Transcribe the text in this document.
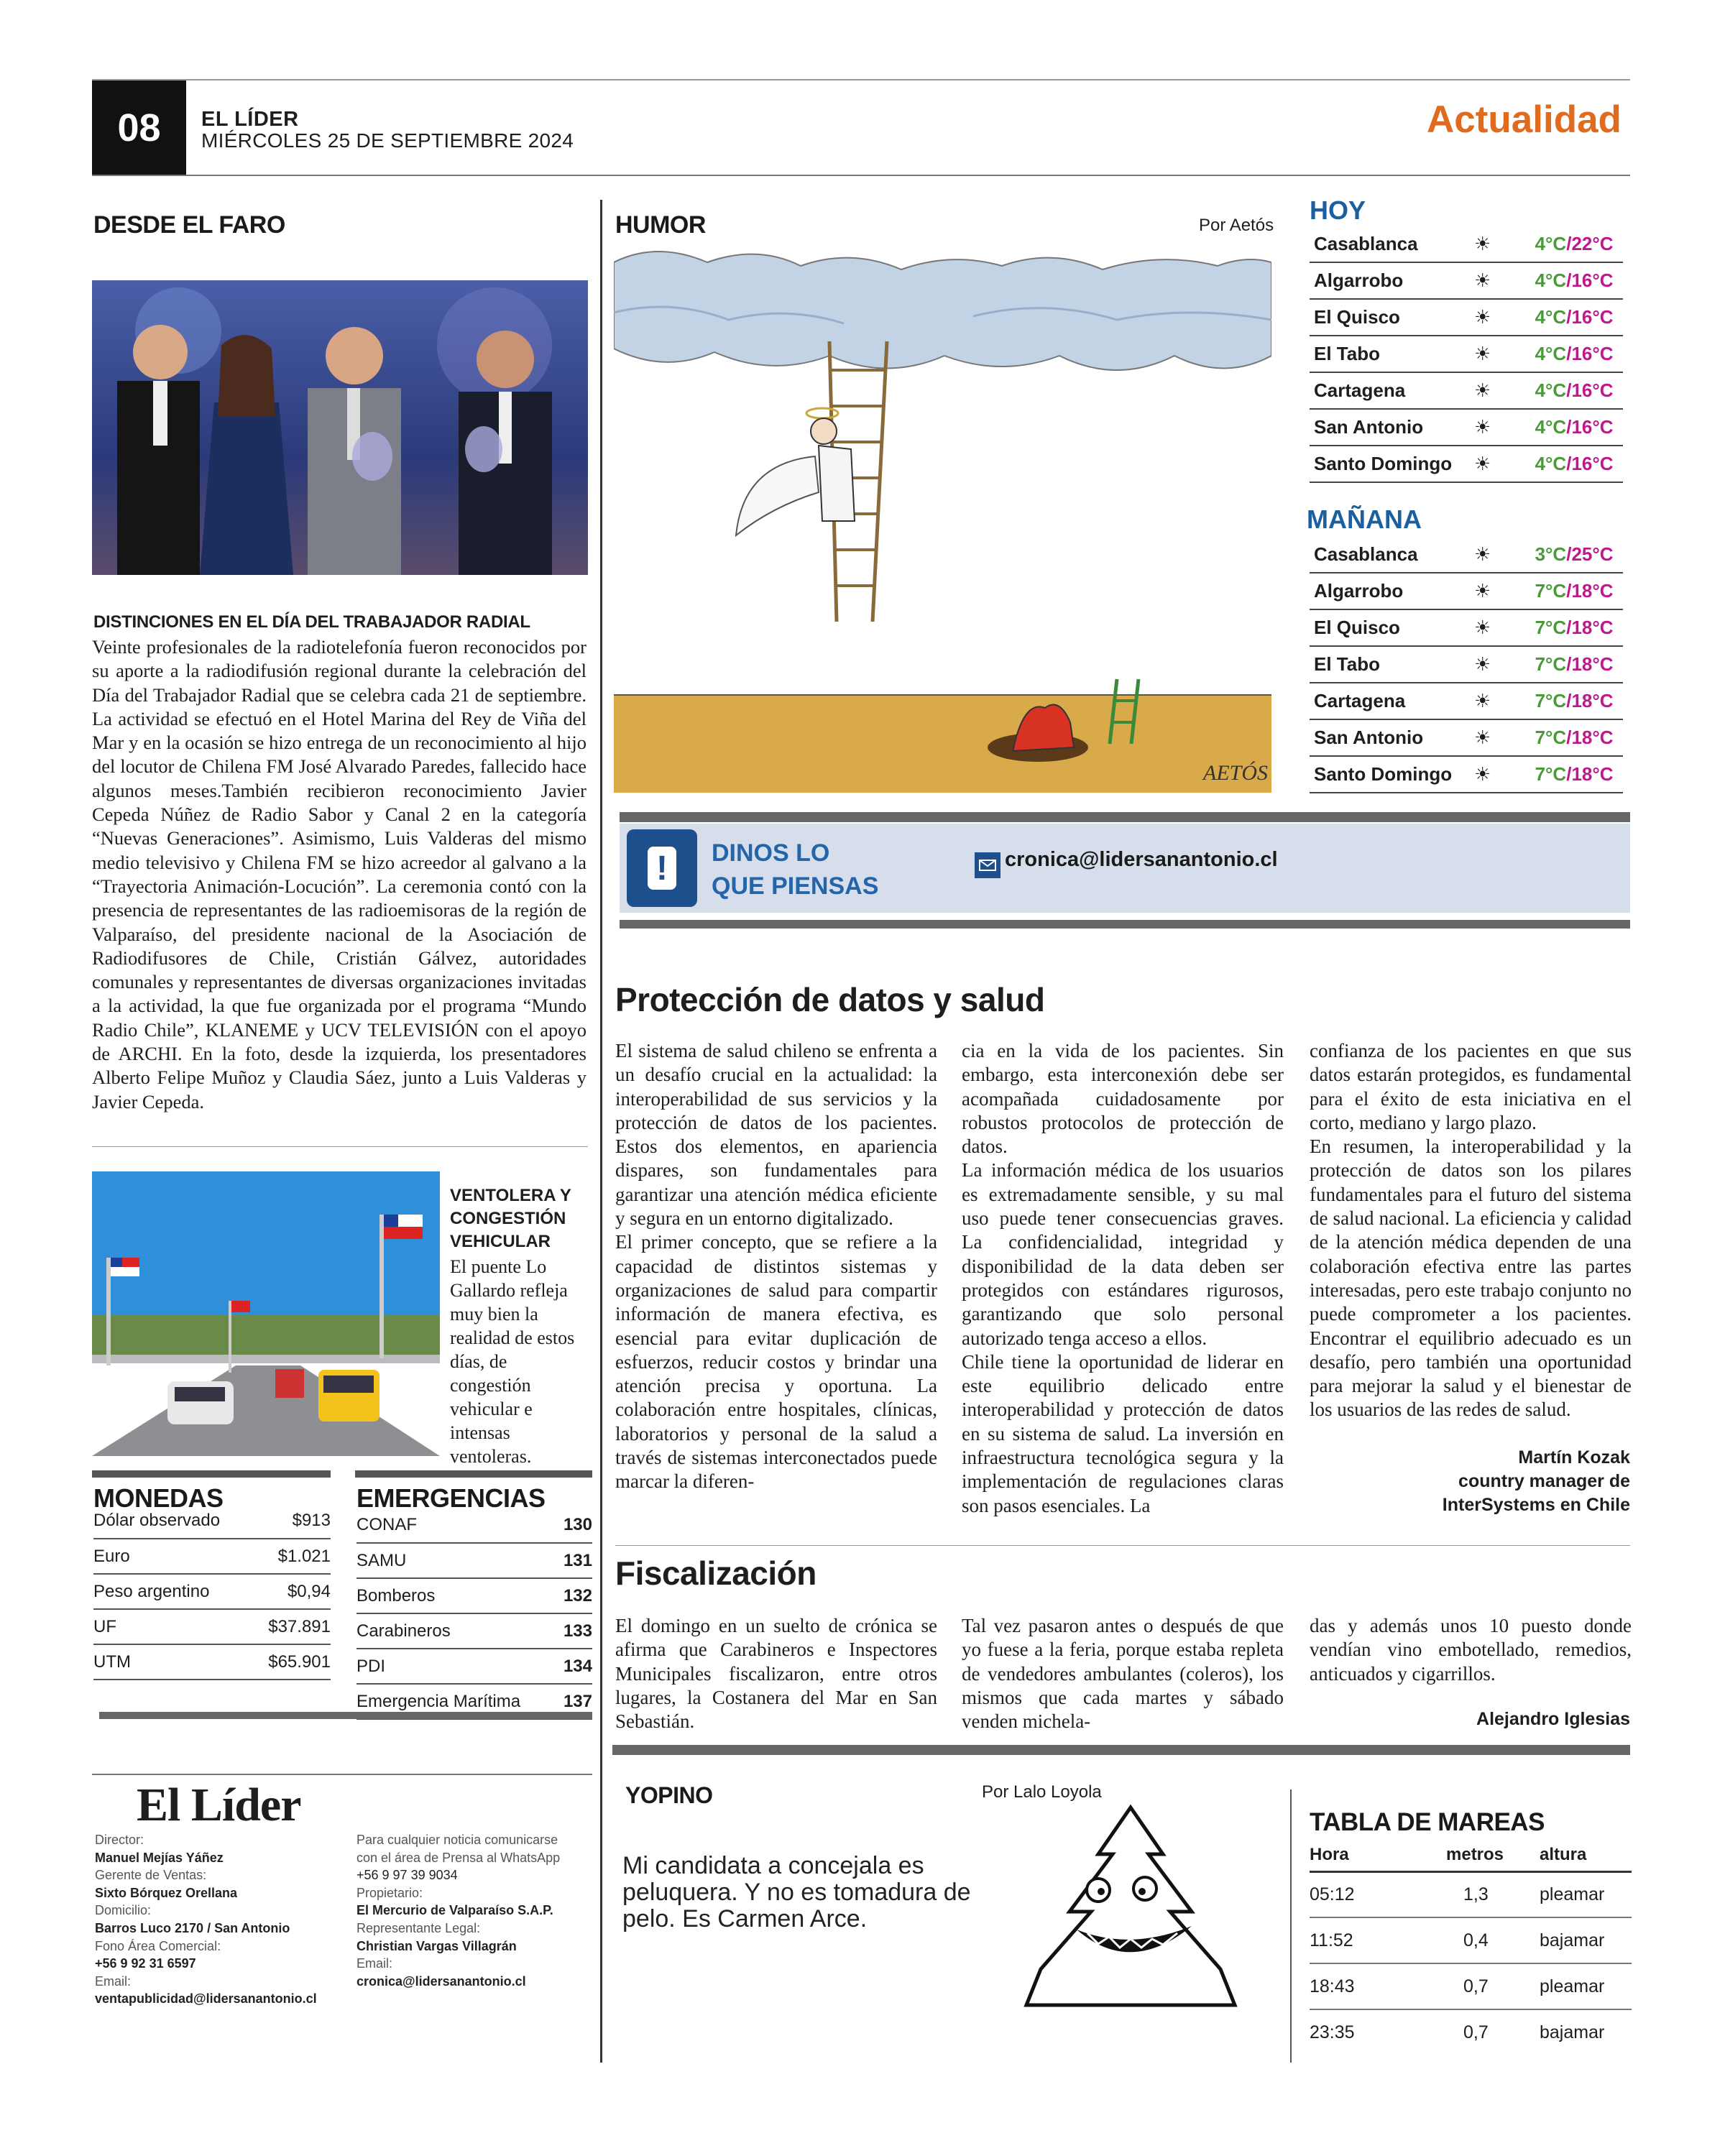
08 EL LÍDER
MIÉRCOLES 25 DE SEPTIEMBRE 2024	Actualidad
DESDE EL FARO
DISTINCIONES EN EL DÍA DEL TRABAJADOR RADIAL
Veinte profesionales de la radiotelefonía fueron reconocidos por su aporte a la radiodifusión regional durante la celebración del Día del Trabajador Radial que se celebra cada 21 de septiembre. La actividad se efectuó en el Hotel Marina del Rey de Viña del Mar y en la ocasión se hizo entrega de un reconocimiento al hijo del locutor de Chilena FM José Alvarado Paredes, fallecido hace algunos meses.También recibieron reconocimiento Javier Cepeda Núñez de Radio Sabor y Canal 2 en la categoría “Nuevas Generaciones”. Asimismo, Luis Valderas del mismo medio televisivo y Chilena FM se hizo acreedor al galvano a la “Trayectoria Animación-Locución”. La ceremonia contó con la presencia de representantes de las radioemisoras de la región de Valparaíso, del presidente nacional de la Asociación de Radiodifusores de Chile, Cristián Gálvez, autoridades comunales y representantes de diversas organizaciones invitadas a la actividad, la que fue organizada por el programa “Mundo Radio Chile”, KLANEME y UCV TELEVISIÓN con el apoyo de ARCHI. En la foto, desde la izquierda, los presentadores Alberto Felipe Muñoz y Claudia Sáez, junto a Luis Valderas y Javier Cepeda.
VENTOLERA Y CONGESTIÓN VEHICULAR
El puente Lo Gallardo refleja muy bien la realidad de estos días, de congestión vehicular e intensas ventoleras.
MONEDAS
Dólar observado	$913
Euro	$1.021
Peso argentino	$0,94
UF	$37.891
UTM	$65.901
EMERGENCIAS
CONAF	130
SAMU	131
Bomberos	132
Carabineros	133
PDI	134
Emergencia Marítima	137
El Líder
Director:
Manuel Mejías Yáñez
Gerente de Ventas:
Sixto Bórquez Orellana
Domicilio:
Barros Luco 2170 / San Antonio
Fono Área Comercial:
+56 9 92 31 6597
Email:
ventapublicidad@lidersanantonio.cl
Para cualquier noticia comunicarse
con el área de Prensa al WhatsApp
+56 9 97 39 9034
Propietario:
El Mercurio de Valparaíso S.A.P.
Representante Legal:
Christian Vargas Villagrán
Email:
cronica@lidersanantonio.cl
HUMOR	Por Aetós
AETÓS
HOY
Casablanca	☀	4°C/22°C
Algarrobo	☀	4°C/16°C
El Quisco	☀	4°C/16°C
El Tabo	☀	4°C/16°C
Cartagena	☀	4°C/16°C
San Antonio	☀	4°C/16°C
Santo Domingo	☀	4°C/16°C
MAÑANA
Casablanca	☀	3°C/25°C
Algarrobo	☀	7°C/18°C
El Quisco	☀	7°C/18°C
El Tabo	☀	7°C/18°C
Cartagena	☀	7°C/18°C
San Antonio	☀	7°C/18°C
Santo Domingo	☀	7°C/18°C
!	DINOS LO
QUE PIENSAS
cronica@lidersanantonio.cl
Protección de datos y salud

El sistema de salud chileno se enfrenta a un desafío crucial en la actualidad: la interoperabilidad de sus servicios y la protección de datos de los pacientes. Estos dos elementos, en apariencia dispares, son fundamentales para garantizar una atención médica eficiente y segura en un entorno digitalizado.

El primer concepto, que se refiere a la capacidad de distintos sistemas y organizaciones de salud para compartir información de manera efectiva, es esencial para evitar duplicación de esfuerzos, reducir costos y brindar una atención precisa y oportuna. La colaboración entre hospitales, clínicas, laboratorios y personal de la salud a través de sistemas interconectados puede marcar la diferen-

cia en la vida de los pacientes. Sin embargo, esta interconexión debe ser acompañada cuidadosamente por robustos protocolos de protección de datos.

La información médica de los usuarios es extremadamente sensible, y su mal uso puede tener consecuencias graves. La confidencialidad, integridad y disponibilidad de la data deben ser protegidos con estándares rigurosos, garantizando que solo personal autorizado tenga acceso a ellos.

Chile tiene la oportunidad de liderar en este equilibrio delicado entre interoperabilidad y protección de datos en su sistema de salud. La inversión en infraestructura tecnológica segura y la implementación de regulaciones claras son pasos esenciales. La

confianza de los pacientes en que sus datos estarán protegidos, es fundamental para el éxito de esta iniciativa en el corto, mediano y largo plazo.

En resumen, la interoperabilidad y la protección de datos son los pilares fundamentales para el futuro del sistema de salud nacional. La eficiencia y calidad de la atención médica dependen de una colaboración efectiva entre las partes interesadas, pero este trabajo conjunto no puede comprometer a los pacientes. Encontrar el equilibrio adecuado es un desafío, pero también una oportunidad para mejorar la salud y el bienestar de los usuarios de las redes de salud.

Martín Kozak
country manager de
InterSystems en Chile
Fiscalización
El domingo en un suelto de crónica se afirma que Carabineros e Inspectores Municipales fiscalizaron, entre otros lugares, la Costanera del Mar en San Sebastián.
Tal vez pasaron antes o después de que yo fuese a la feria, porque estaba repleta de vendedores ambulantes (coleros), los mismos que cada martes y sábado venden michela-
das y además unos 10 puesto donde vendían vino embotellado, remedios, anticuados y cigarrillos.
Alejandro Iglesias
YOPINO	Por Lalo Loyola
Mi candidata a concejala es peluquera. Y no es tomadura de pelo. Es Carmen Arce.
TABLA DE MAREAS
Hora	metros	altura
05:12	1,3	pleamar
11:52	0,4	bajamar
18:43	0,7	pleamar
23:35	0,7	bajamar
